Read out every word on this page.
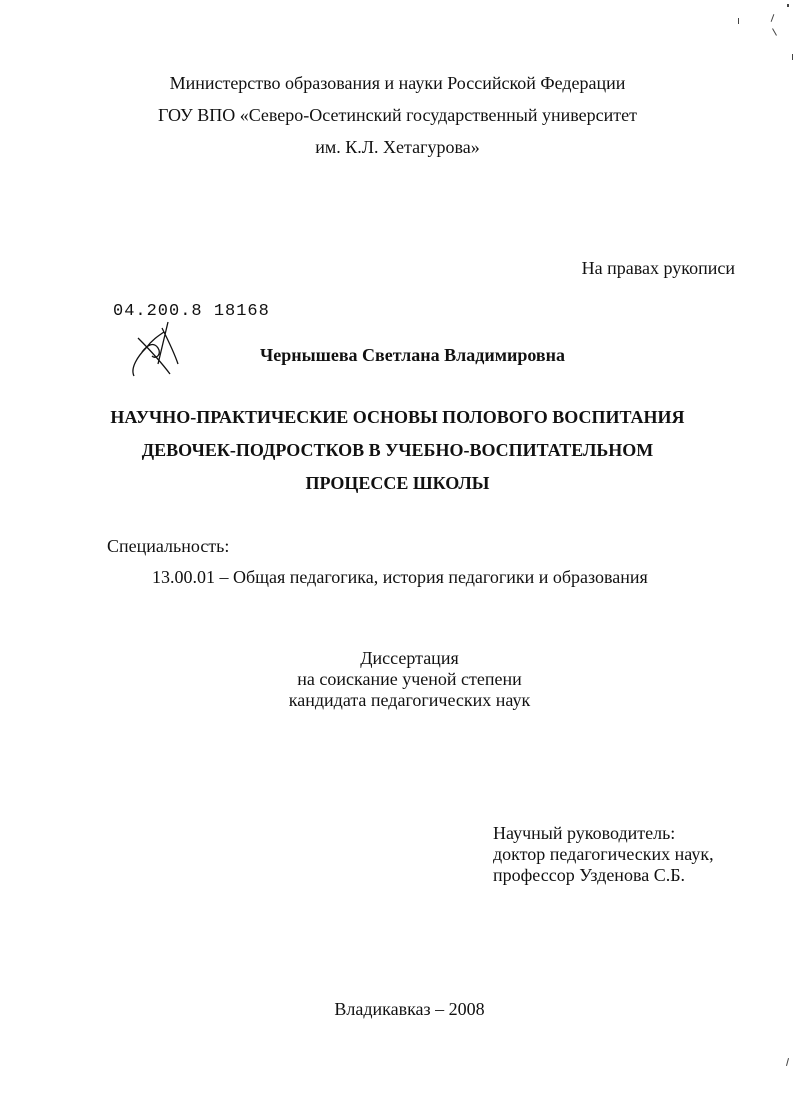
Министерство образования и науки Российской Федерации
ГОУ ВПО «Северо-Осетинский государственный университет
им. К.Л. Хетагурова»
На правах рукописи
04.200.8 18168
Чернышева Светлана Владимировна
НАУЧНО-ПРАКТИЧЕСКИЕ ОСНОВЫ ПОЛОВОГО ВОСПИТАНИЯ
ДЕВОЧЕК-ПОДРОСТКОВ В УЧЕБНО-ВОСПИТАТЕЛЬНОМ
ПРОЦЕССЕ ШКОЛЫ
Специальность:
13.00.01 – Общая педагогика, история педагогики и образования
Диссертация
на соискание ученой степени
кандидата педагогических наук
Научный руководитель:
доктор педагогических наук,
профессор Узденова С.Б.
Владикавказ – 2008
